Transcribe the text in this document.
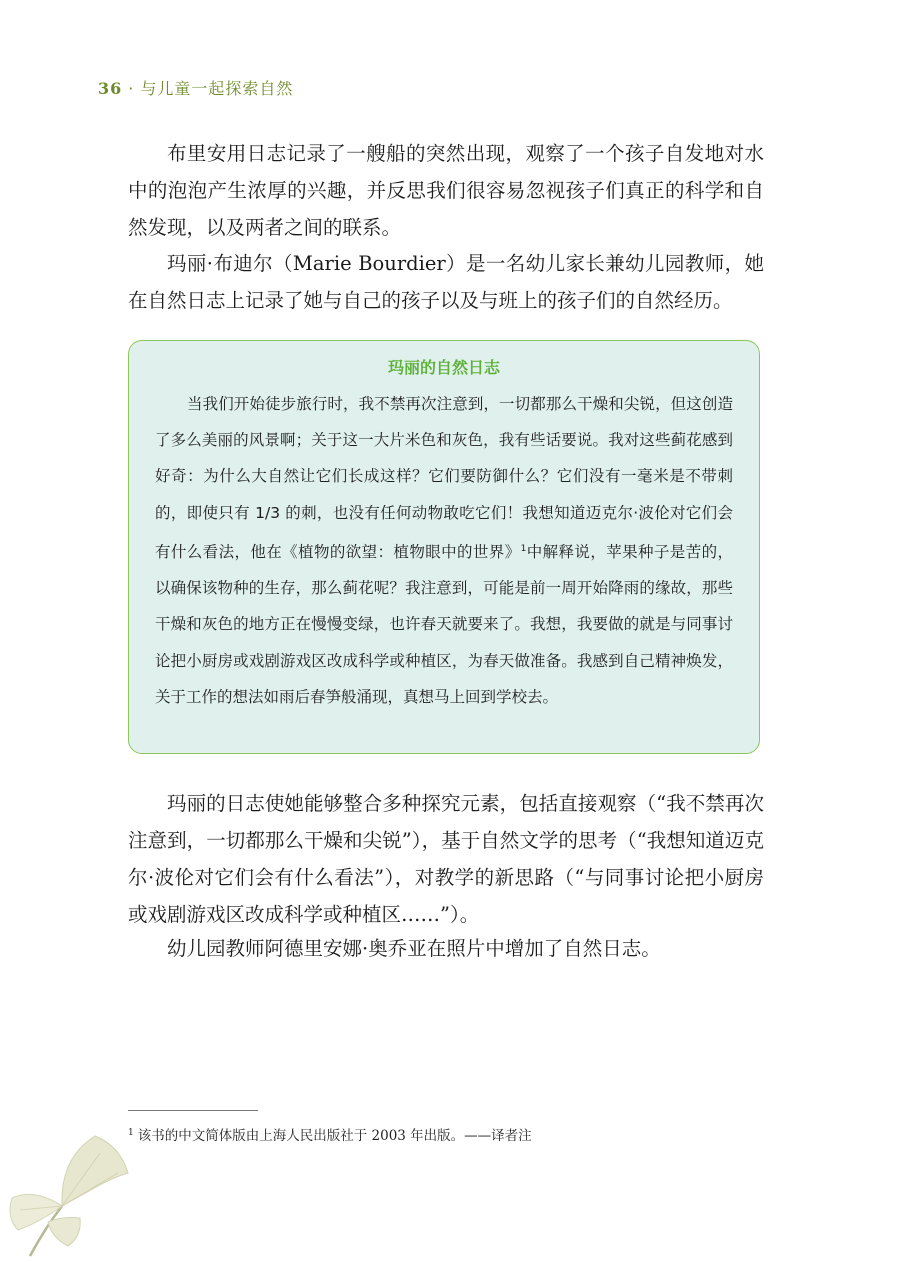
36 · 与儿童一起探索自然

布里安用日志记录了一艘船的突然出现，观察了一个孩子自发地对水中的泡泡产生浓厚的兴趣，并反思我们很容易忽视孩子们真正的科学和自然发现，以及两者之间的联系。

玛丽·布迪尔（Marie Bourdier）是一名幼儿家长兼幼儿园教师，她在自然日志上记录了她与自己的孩子以及与班上的孩子们的自然经历。

玛丽的自然日志

当我们开始徒步旅行时，我不禁再次注意到，一切都那么干燥和尖锐，但这创造了多么美丽的风景啊；关于这一大片米色和灰色，我有些话要说。我对这些蓟花感到好奇：为什么大自然让它们长成这样？它们要防御什么？它们没有一毫米是不带刺的，即使只有 1/3 的刺，也没有任何动物敢吃它们！我想知道迈克尔·波伦对它们会有什么看法，他在《植物的欲望：植物眼中的世界》$^1$中解释说，苹果种子是苦的，以确保该物种的生存，那么蓟花呢？我注意到，可能是前一周开始降雨的缘故，那些干燥和灰色的地方正在慢慢变绿，也许春天就要来了。我想，我要做的就是与同事讨论把小厨房或戏剧游戏区改成科学或种植区，为春天做准备。我感到自己精神焕发，关于工作的想法如雨后春笋般涌现，真想马上回到学校去。

玛丽的日志使她能够整合多种探究元素，包括直接观察（“我不禁再次注意到，一切都那么干燥和尖锐”），基于自然文学的思考（“我想知道迈克尔·波伦对它们会有什么看法”），对教学的新思路（“与同事讨论把小厨房或戏剧游戏区改成科学或种植区……”）。

幼儿园教师阿德里安娜·奥乔亚在照片中增加了自然日志。

$^1$ 该书的中文简体版由上海人民出版社于 2003 年出版。——译者注
